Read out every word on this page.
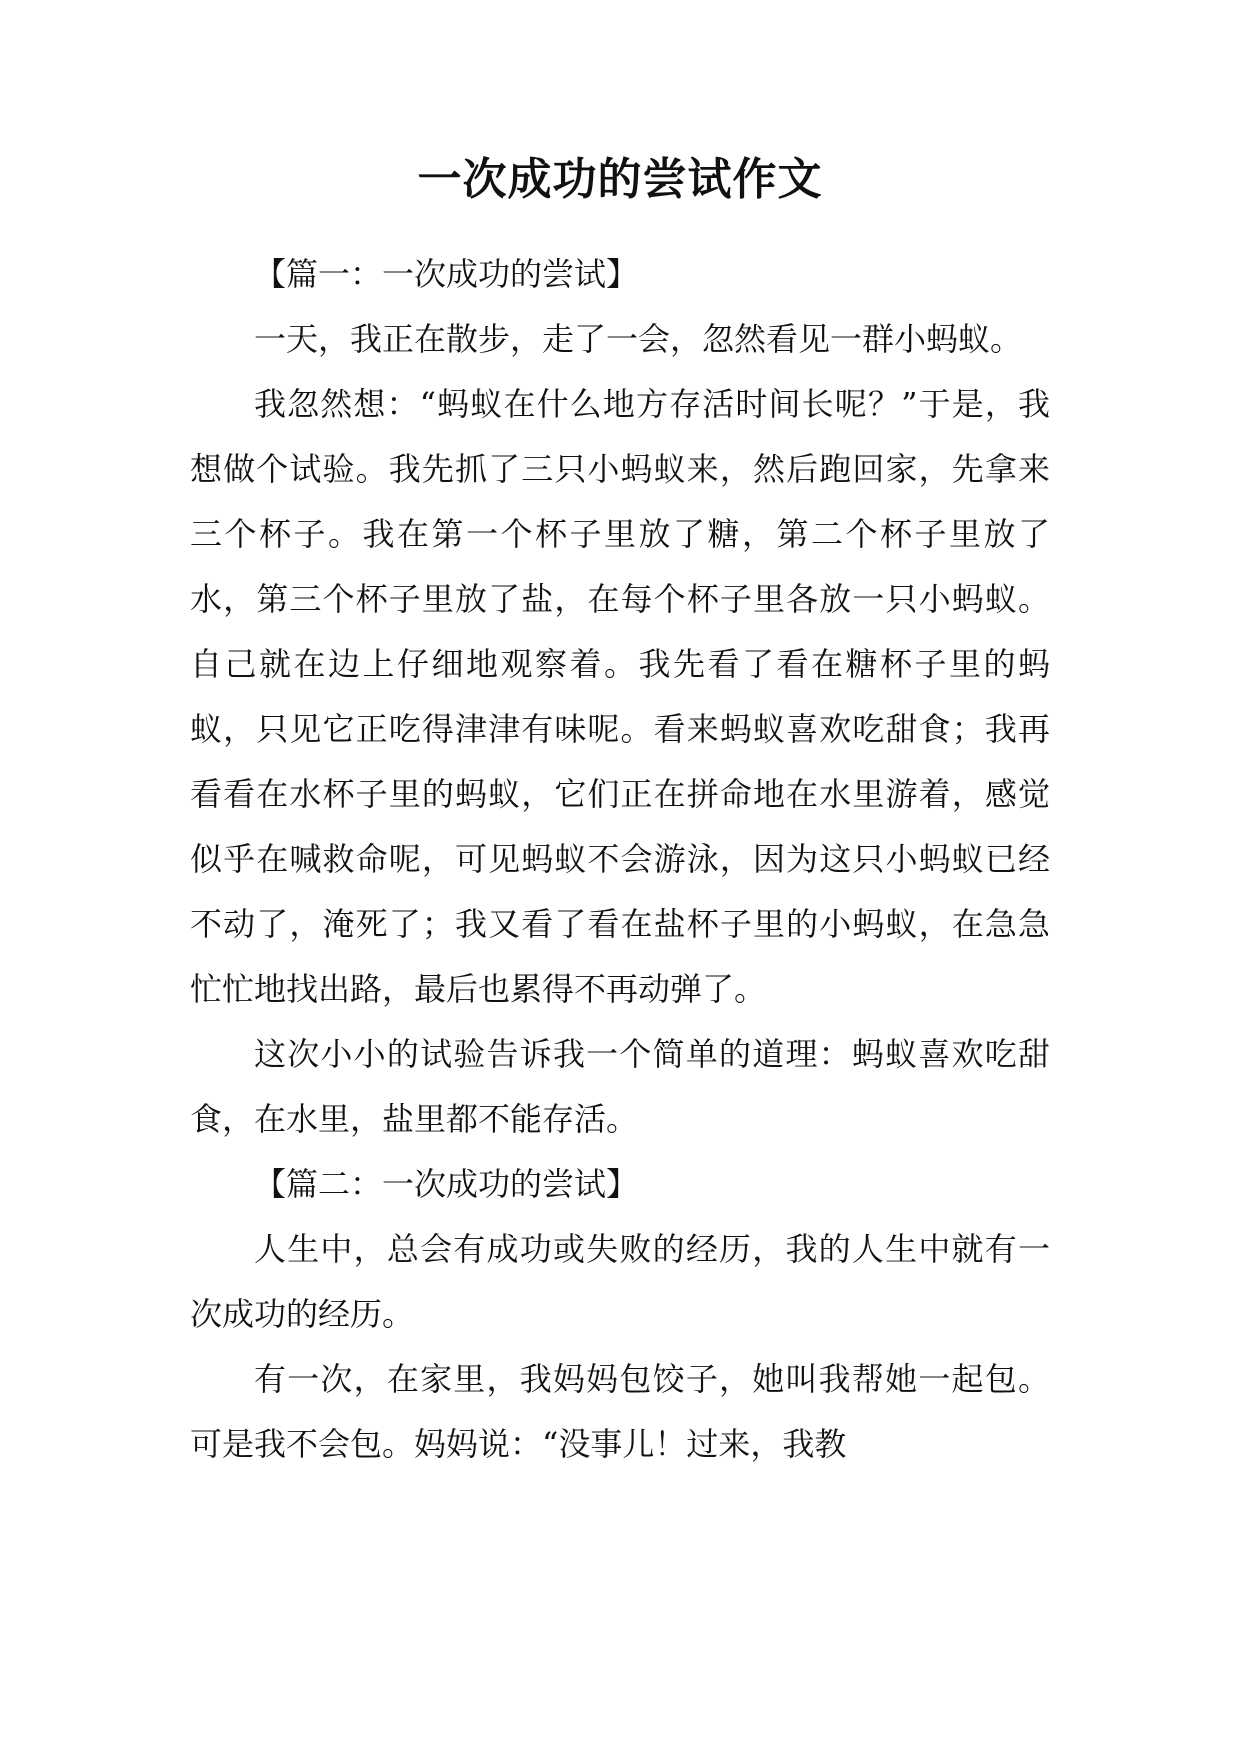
一次成功的尝试作文

【篇一：一次成功的尝试】

一天，我正在散步，走了一会，忽然看见一群小蚂蚁。

我忽然想：“蚂蚁在什么地方存活时间长呢？”于是，我想做个试验。我先抓了三只小蚂蚁来，然后跑回家，先拿来三个杯子。我在第一个杯子里放了糖，第二个杯子里放了水，第三个杯子里放了盐，在每个杯子里各放一只小蚂蚁。自己就在边上仔细地观察着。我先看了看在糖杯子里的蚂蚁，只见它正吃得津津有味呢。看来蚂蚁喜欢吃甜食；我再看看在水杯子里的蚂蚁，它们正在拼命地在水里游着，感觉似乎在喊救命呢，可见蚂蚁不会游泳，因为这只小蚂蚁已经不动了，淹死了；我又看了看在盐杯子里的小蚂蚁，在急急忙忙地找出路，最后也累得不再动弹了。

这次小小的试验告诉我一个简单的道理：蚂蚁喜欢吃甜食，在水里，盐里都不能存活。

【篇二：一次成功的尝试】

人生中，总会有成功或失败的经历，我的人生中就有一次成功的经历。

有一次，在家里，我妈妈包饺子，她叫我帮她一起包。可是我不会包。妈妈说：“没事儿！过来，我教
